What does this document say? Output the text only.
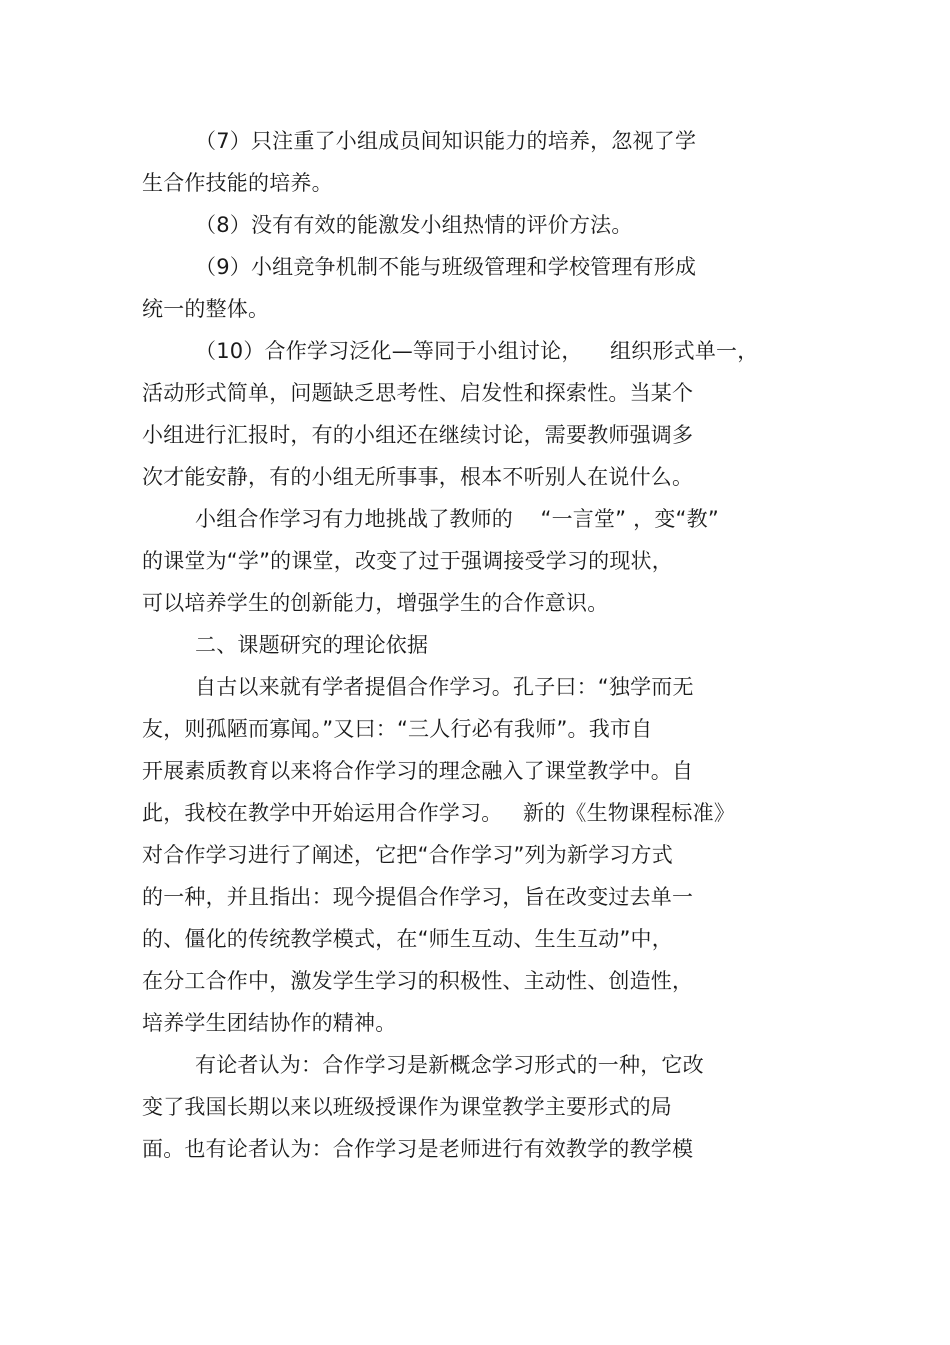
（7）只注重了小组成员间知识能力的培养，忽视了学
生合作技能的培养。
（8）没有有效的能激发小组热情的评价方法。
（9）小组竞争机制不能与班级管理和学校管理有形成
统一的整体。
（10）合作学习泛化—等同于小组讨论，    组织形式单一，
活动形式简单，问题缺乏思考性、启发性和探索性。当某个
小组进行汇报时，有的小组还在继续讨论，需要教师强调多
次才能安静，有的小组无所事事，根本不听别人在说什么。
小组合作学习有力地挑战了教师的    “一言堂” ，变“教”
的课堂为“学”的课堂，改变了过于强调接受学习的现状，
可以培养学生的创新能力，增强学生的合作意识。
二、课题研究的理论依据
自古以来就有学者提倡合作学习。孔子曰：“独学而无
友，则孤陋而寡闻。”又曰：“三人行必有我师”。我市自
开展素质教育以来将合作学习的理念融入了课堂教学中。自
此，我校在教学中开始运用合作学习。   新的《生物课程标准》
对合作学习进行了阐述，它把“合作学习”列为新学习方式
的一种，并且指出：现今提倡合作学习，旨在改变过去单一
的、僵化的传统教学模式，在“师生互动、生生互动”中，
在分工合作中，激发学生学习的积极性、主动性、创造性，
培养学生团结协作的精神。
有论者认为：合作学习是新概念学习形式的一种，它改
变了我国长期以来以班级授课作为课堂教学主要形式的局
面。也有论者认为：合作学习是老师进行有效教学的教学模
